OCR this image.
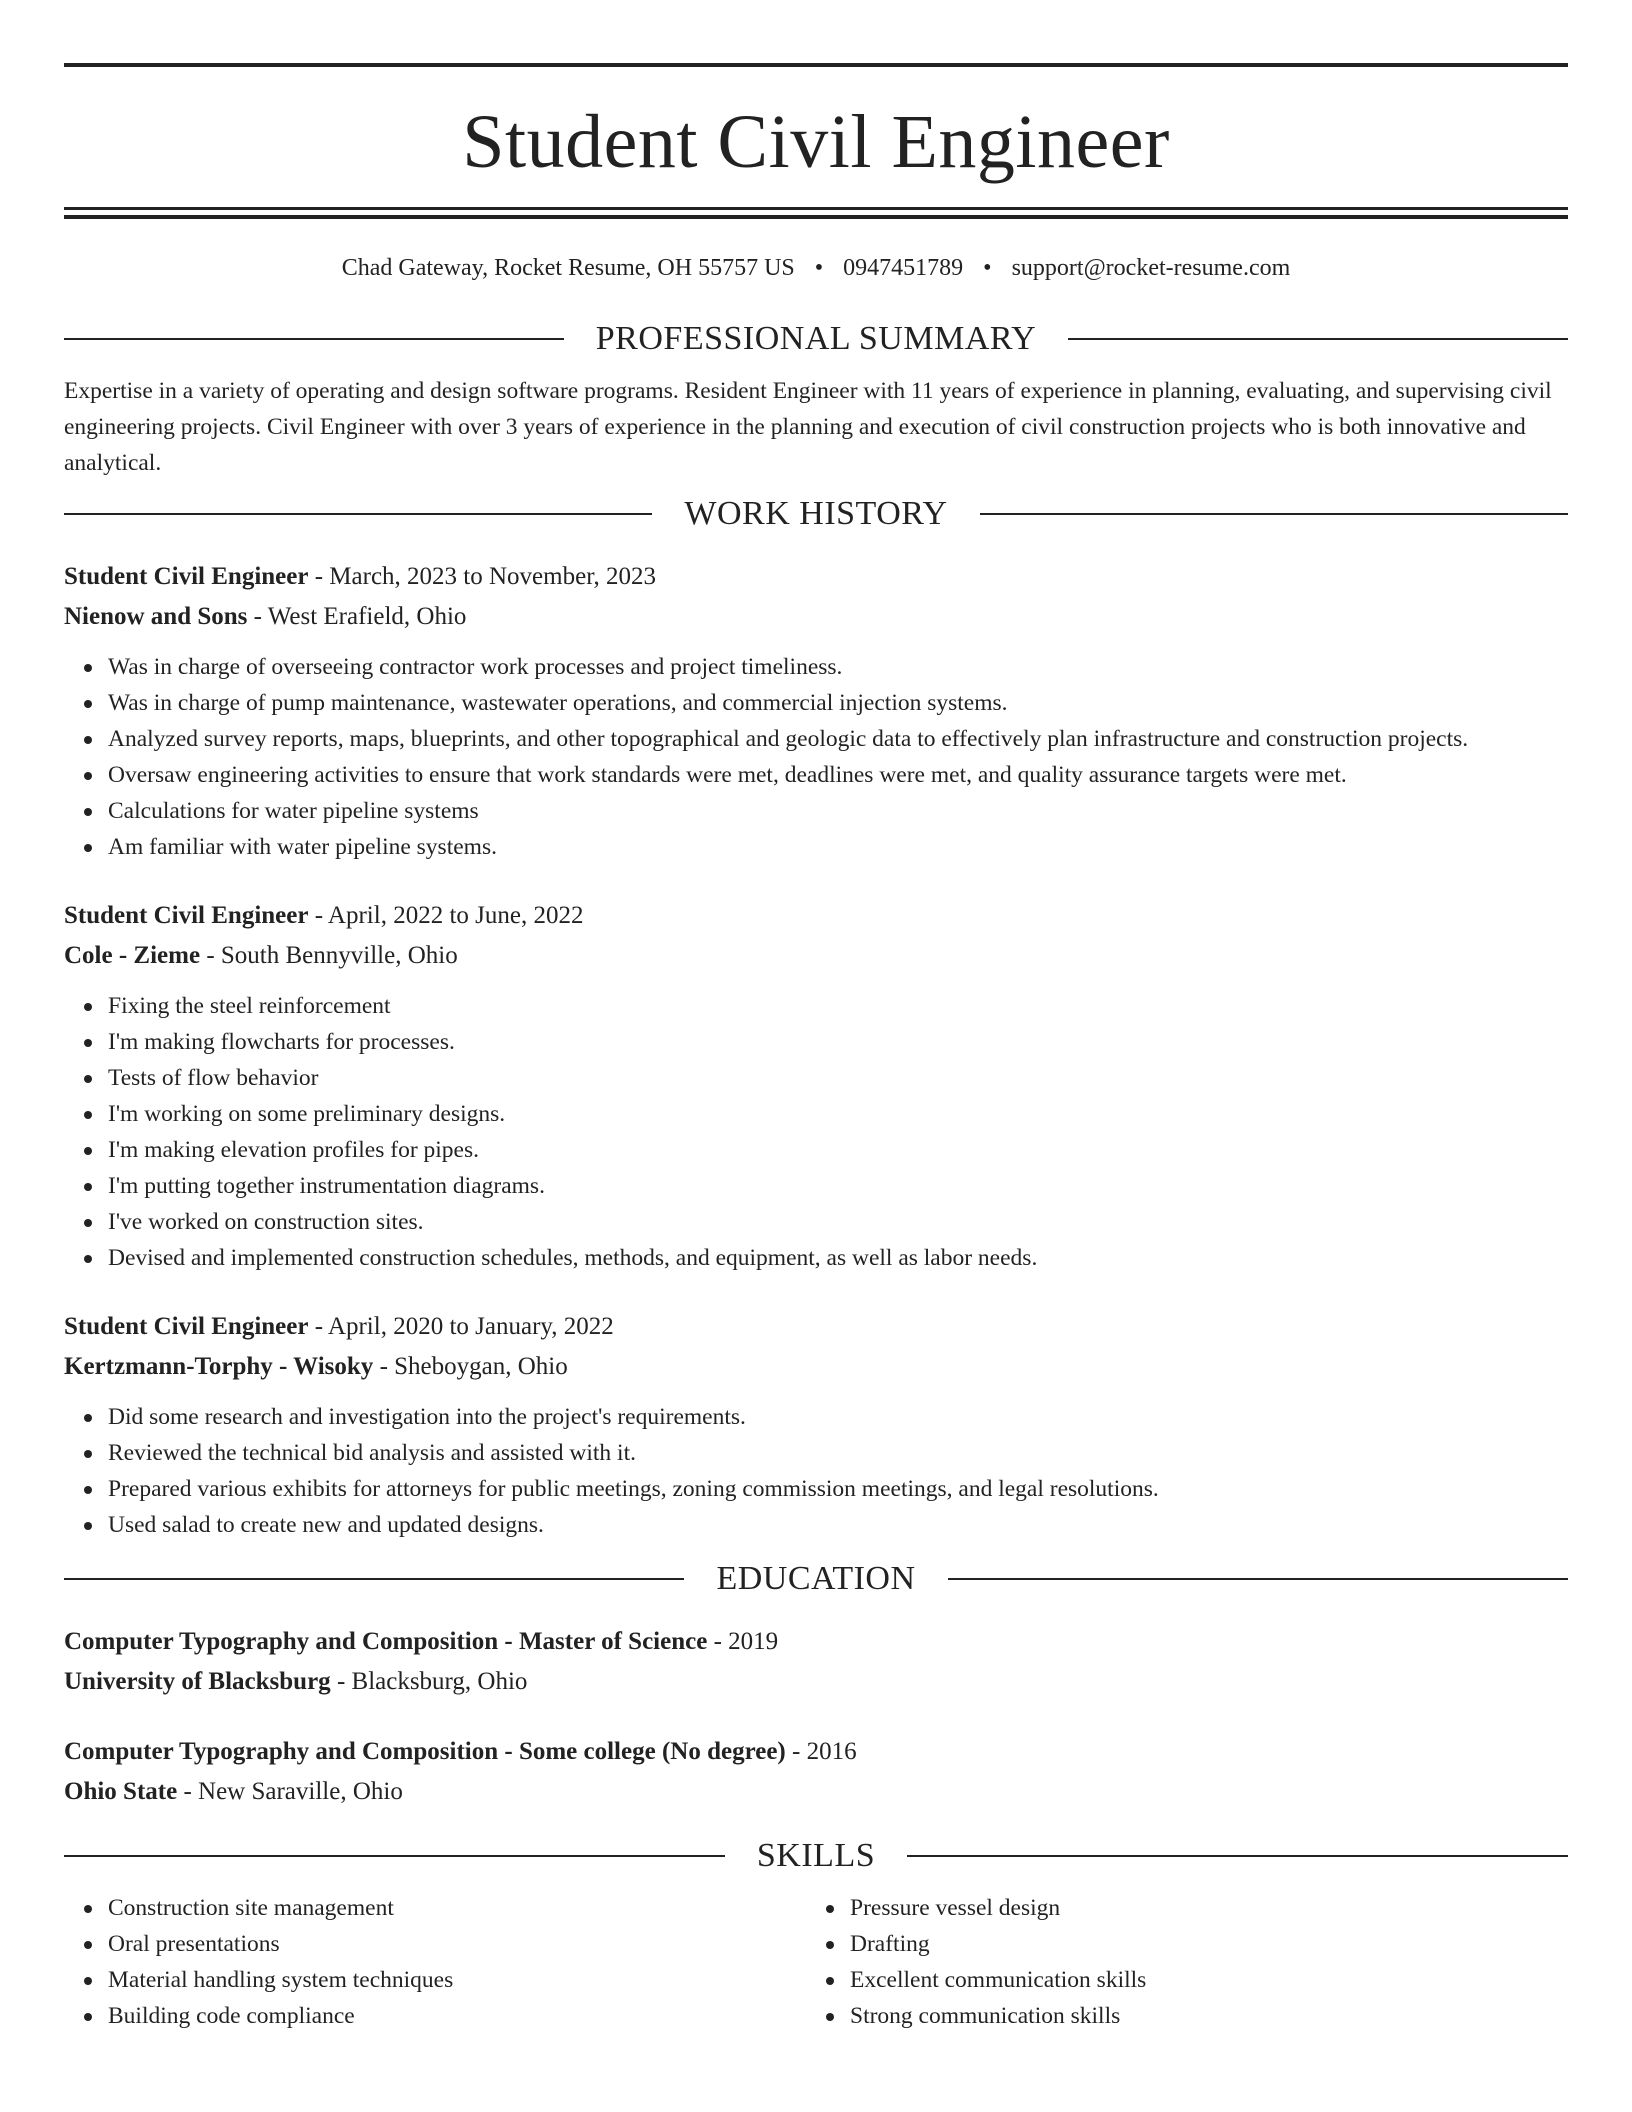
Student Civil Engineer
Chad Gateway, Rocket Resume, OH 55757 US • 0947451789 • support@rocket-resume.com
PROFESSIONAL SUMMARY
Expertise in a variety of operating and design software programs. Resident Engineer with 11 years of experience in planning, evaluating, and supervising civil engineering projects. Civil Engineer with over 3 years of experience in the planning and execution of civil construction projects who is both innovative and analytical.
WORK HISTORY
Student Civil Engineer - March, 2023 to November, 2023
Nienow and Sons - West Erafield, Ohio
Was in charge of overseeing contractor work processes and project timeliness.
Was in charge of pump maintenance, wastewater operations, and commercial injection systems.
Analyzed survey reports, maps, blueprints, and other topographical and geologic data to effectively plan infrastructure and construction projects.
Oversaw engineering activities to ensure that work standards were met, deadlines were met, and quality assurance targets were met.
Calculations for water pipeline systems
Am familiar with water pipeline systems.
Student Civil Engineer - April, 2022 to June, 2022
Cole - Zieme - South Bennyville, Ohio
Fixing the steel reinforcement
I'm making flowcharts for processes.
Tests of flow behavior
I'm working on some preliminary designs.
I'm making elevation profiles for pipes.
I'm putting together instrumentation diagrams.
I've worked on construction sites.
Devised and implemented construction schedules, methods, and equipment, as well as labor needs.
Student Civil Engineer - April, 2020 to January, 2022
Kertzmann-Torphy - Wisoky - Sheboygan, Ohio
Did some research and investigation into the project's requirements.
Reviewed the technical bid analysis and assisted with it.
Prepared various exhibits for attorneys for public meetings, zoning commission meetings, and legal resolutions.
Used salad to create new and updated designs.
EDUCATION
Computer Typography and Composition - Master of Science - 2019
University of Blacksburg - Blacksburg, Ohio
Computer Typography and Composition - Some college (No degree) - 2016
Ohio State - New Saraville, Ohio
SKILLS
Construction site management
Oral presentations
Material handling system techniques
Building code compliance
Pressure vessel design
Drafting
Excellent communication skills
Strong communication skills
